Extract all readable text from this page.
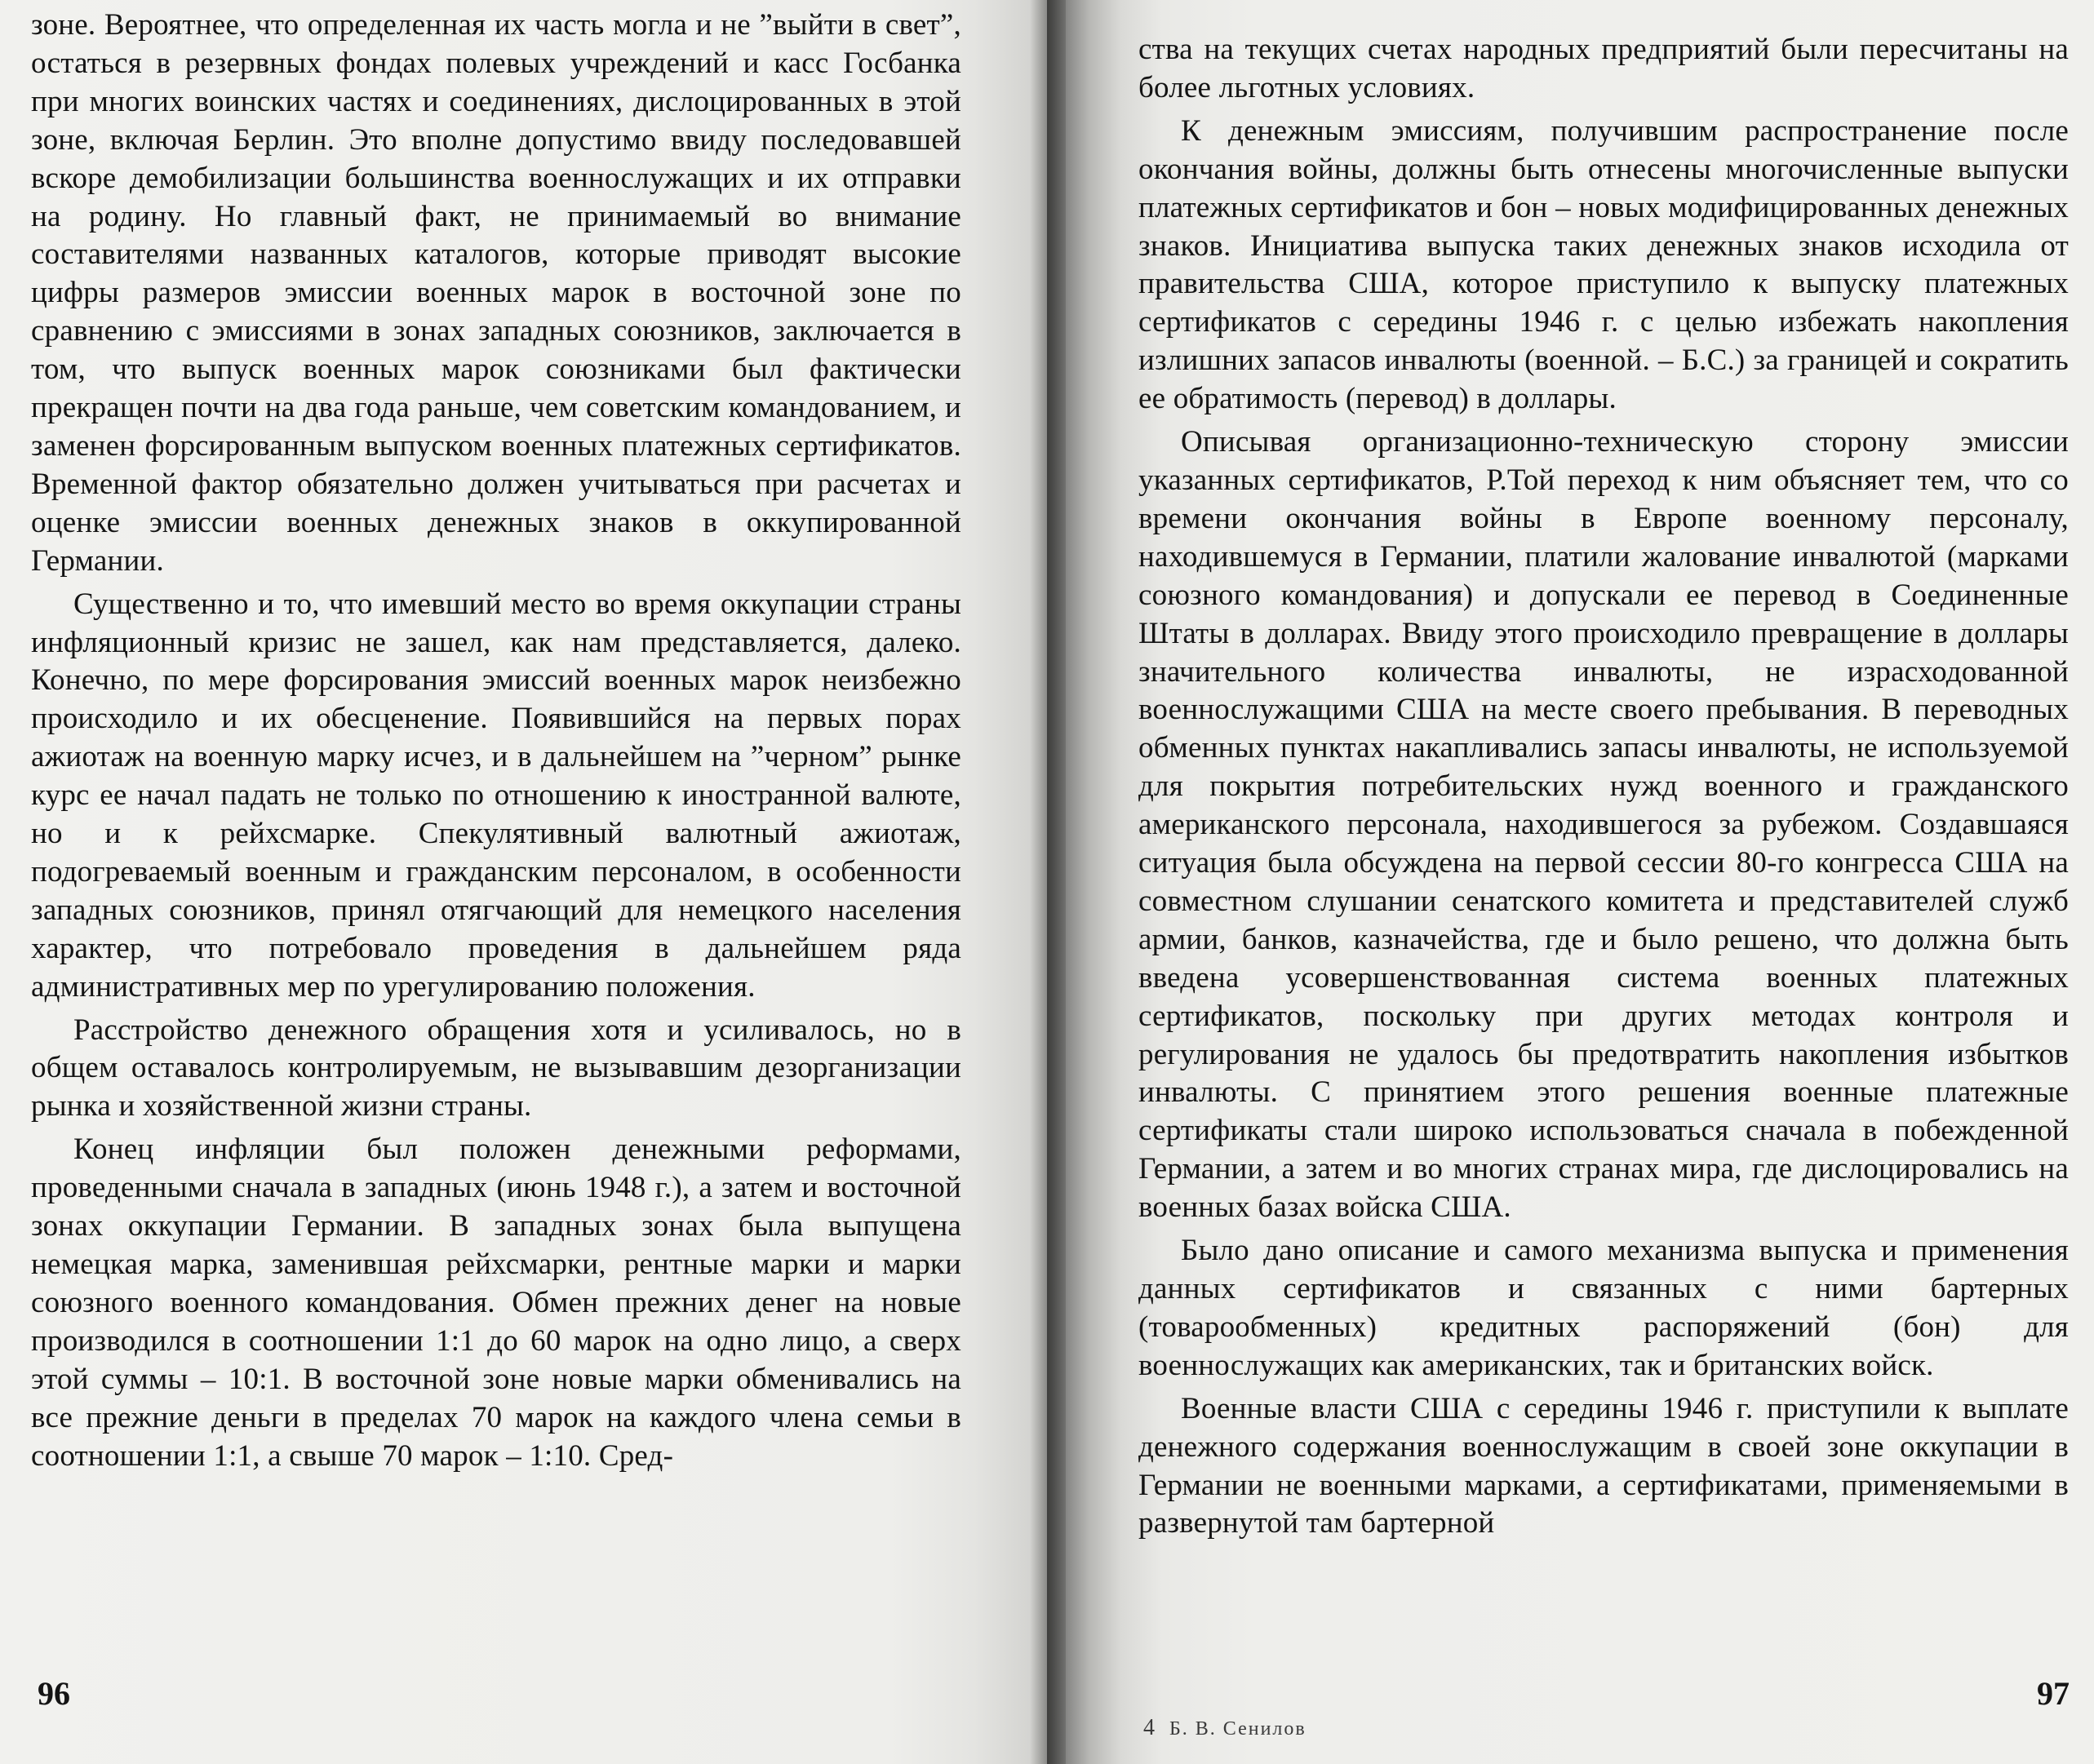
зоне. Вероятнее, что определенная их часть могла и не ”выйти в свет”, остаться в резервных фондах полевых учреждений и касс Госбанка при многих воинских частях и соединениях, дислоцированных в этой зоне, включая Берлин. Это вполне допустимо ввиду последовавшей вскоре демобилизации большинства военнослужащих и их отправки на родину. Но главный факт, не принимаемый во внимание составителями названных каталогов, которые приводят высокие цифры размеров эмиссии военных марок в восточной зоне по сравнению с эмиссиями в зонах западных союзников, заключается в том, что выпуск военных марок союзниками был фактически прекращен почти на два года раньше, чем советским командованием, и заменен форсированным выпуском военных платежных сертификатов. Временной фактор обязательно должен учитываться при расчетах и оценке эмиссии военных денежных знаков в оккупированной Германии.

Существенно и то, что имевший место во время оккупации страны инфляционный кризис не зашел, как нам представляется, далеко. Конечно, по мере форсирования эмиссий военных марок неизбежно происходило и их обесценение. Появившийся на первых порах ажиотаж на военную марку исчез, и в дальнейшем на ”черном” рынке курс ее начал падать не только по отношению к иностранной валюте, но и к рейхсмарке. Спекулятивный валютный ажиотаж, подогреваемый военным и гражданским персоналом, в особенности западных союзников, принял отягчающий для немецкого населения характер, что потребовало проведения в дальнейшем ряда административных мер по урегулированию положения.

Расстройство денежного обращения хотя и усиливалось, но в общем оставалось контролируемым, не вызывавшим дезорганизации рынка и хозяйственной жизни страны.

Конец инфляции был положен денежными реформами, проведенными сначала в западных (июнь 1948 г.), а затем и восточной зонах оккупации Германии. В западных зонах была выпущена немецкая марка, заменившая рейхсмарки, рентные марки и марки союзного военного командования. Обмен прежних денег на новые производился в соотношении 1:1 до 60 марок на одно лицо, а сверх этой суммы – 10:1. В восточной зоне новые марки обменивались на все прежние деньги в пределах 70 марок на каждого члена семьи в соотношении 1:1, а свыше 70 марок – 1:10. Сред-

96

ства на текущих счетах народных предприятий были пересчитаны на более льготных условиях.

К денежным эмиссиям, получившим распространение после окончания войны, должны быть отнесены многочисленные выпуски платежных сертификатов и бон – новых модифицированных денежных знаков. Инициатива выпуска таких денежных знаков исходила от правительства США, которое приступило к выпуску платежных сертификатов с середины 1946 г. с целью избежать накопления излишних запасов инвалюты (военной. – Б.С.) за границей и сократить ее обратимость (перевод) в доллары.

Описывая организационно-техническую сторону эмиссии указанных сертификатов, Р.Той переход к ним объясняет тем, что со времени окончания войны в Европе военному персоналу, находившемуся в Германии, платили жалование инвалютой (марками союзного командования) и допускали ее перевод в Соединенные Штаты в долларах. Ввиду этого происходило превращение в доллары значительного количества инвалюты, не израсходованной военнослужащими США на месте своего пребывания. В переводных обменных пунктах накапливались запасы инвалюты, не используемой для покрытия потребительских нужд военного и гражданского американского персонала, находившегося за рубежом. Создавшаяся ситуация была обсуждена на первой сессии 80-го конгресса США на совместном слушании сенатского комитета и представителей служб армии, банков, казначейства, где и было решено, что должна быть введена усовершенствованная система военных платежных сертификатов, поскольку при других методах контроля и регулирования не удалось бы предотвратить накопления избытков инвалюты. С принятием этого решения военные платежные сертификаты стали широко использоваться сначала в побежденной Германии, а затем и во многих странах мира, где дислоцировались на военных базах войска США.

Было дано описание и самого механизма выпуска и применения данных сертификатов и связанных с ними бартерных (товарообменных) кредитных распоряжений (бон) для военнослужащих как американских, так и британских войск.

Военные власти США с середины 1946 г. приступили к выплате денежного содержания военнослужащим в своей зоне оккупации в Германии не военными марками, а сертификатами, применяемыми в развернутой там бартерной

4 Б. В. Сенилов
97
